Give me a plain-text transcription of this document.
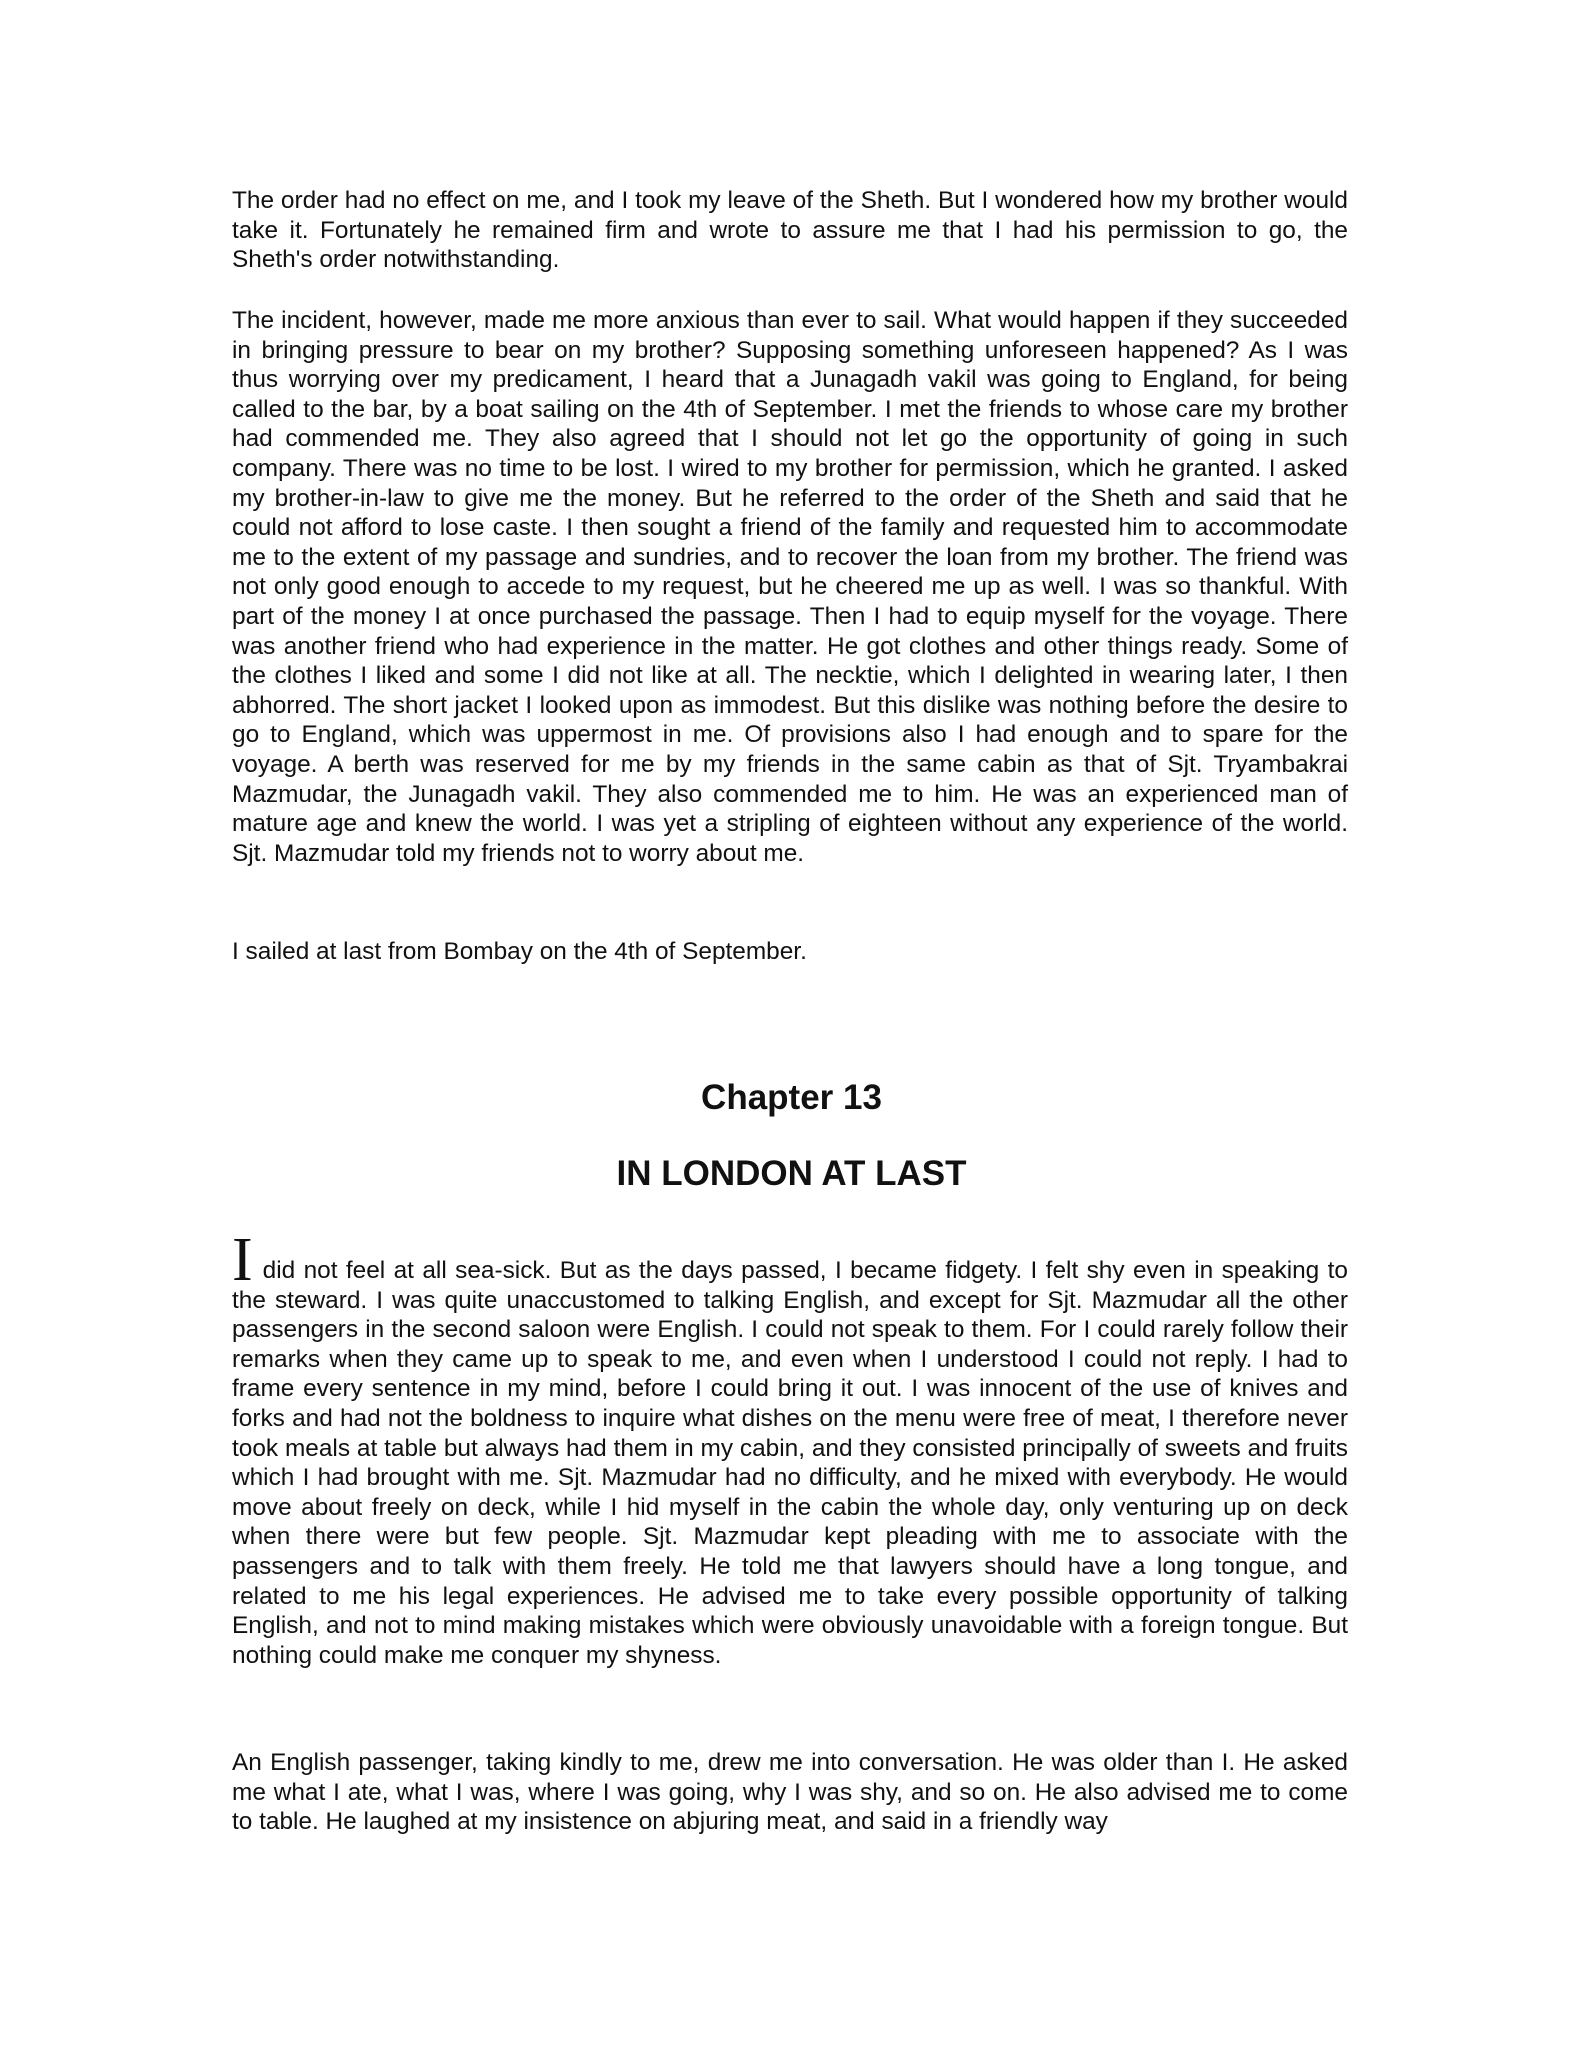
The order had no effect on me, and I took my leave of the Sheth. But I wondered how my brother would take it. Fortunately he remained firm and wrote to assure me that I had his permission to go, the Sheth's order notwithstanding.

The incident, however, made me more anxious than ever to sail. What would happen if they succeeded in bringing pressure to bear on my brother? Supposing something unforeseen happened? As I was thus worrying over my predicament, I heard that a Junagadh vakil was going to England, for being called to the bar, by a boat sailing on the 4th of September. I met the friends to whose care my brother had commended me. They also agreed that I should not let go the opportunity of going in such company. There was no time to be lost. I wired to my brother for permission, which he granted. I asked my brother-in-law to give me the money. But he referred to the order of the Sheth and said that he could not afford to lose caste. I then sought a friend of the family and requested him to accommodate me to the extent of my passage and sundries, and to recover the loan from my brother. The friend was not only good enough to accede to my request, but he cheered me up as well. I was so thankful. With part of the money I at once purchased the passage. Then I had to equip myself for the voyage. There was another friend who had experience in the matter. He got clothes and other things ready. Some of the clothes I liked and some I did not like at all. The necktie, which I delighted in wearing later, I then abhorred. The short jacket I looked upon as immodest. But this dislike was nothing before the desire to go to England, which was uppermost in me. Of provisions also I had enough and to spare for the voyage. A berth was reserved for me by my friends in the same cabin as that of Sjt. Tryambakrai Mazmudar, the Junagadh vakil. They also commended me to him. He was an experienced man of mature age and knew the world. I was yet a stripling of eighteen without any experience of the world. Sjt. Mazmudar told my friends not to worry about me.

I sailed at last from Bombay on the 4th of September.

Chapter 13
IN LONDON AT LAST

Idid not feel at all sea-sick. But as the days passed, I became fidgety. I felt shy even in speaking to the steward. I was quite unaccustomed to talking English, and except for Sjt. Mazmudar all the other passengers in the second saloon were English. I could not speak to them. For I could rarely follow their remarks when they came up to speak to me, and even when I understood I could not reply. I had to frame every sentence in my mind, before I could bring it out. I was innocent of the use of knives and forks and had not the boldness to inquire what dishes on the menu were free of meat, I therefore never took meals at table but always had them in my cabin, and they consisted principally of sweets and fruits which I had brought with me. Sjt. Mazmudar had no difficulty, and he mixed with everybody. He would move about freely on deck, while I hid myself in the cabin the whole day, only venturing up on deck when there were but few people. Sjt. Mazmudar kept pleading with me to associate with the passengers and to talk with them freely. He told me that lawyers should have a long tongue, and related to me his legal experiences. He advised me to take every possible opportunity of talking English, and not to mind making mistakes which were obviously unavoidable with a foreign tongue. But nothing could make me conquer my shyness.

An English passenger, taking kindly to me, drew me into conversation. He was older than I. He asked me what I ate, what I was, where I was going, why I was shy, and so on. He also advised me to come to table. He laughed at my insistence on abjuring meat, and said in a friendly way
